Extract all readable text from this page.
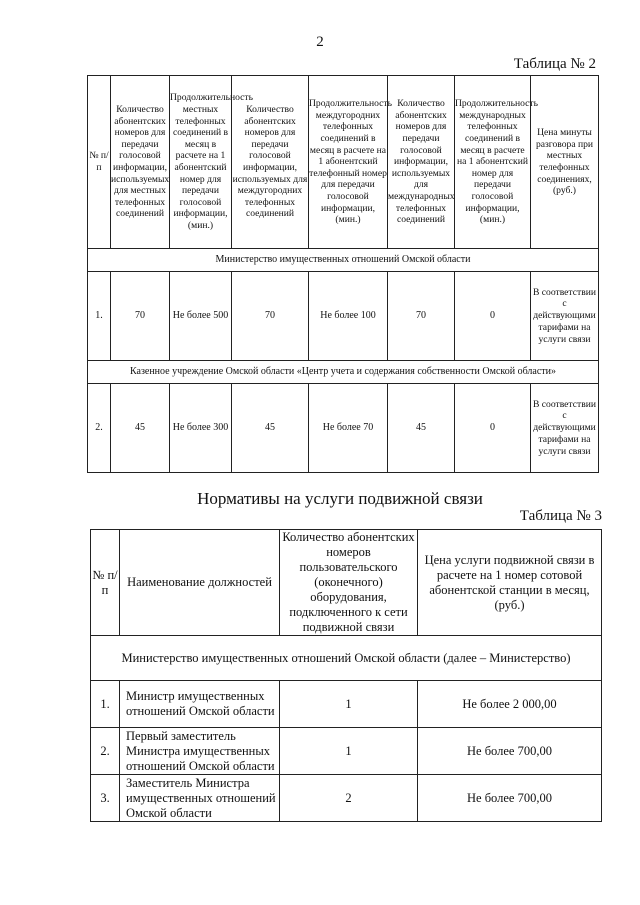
2
Таблица № 2
№ п/п	Количество абонентских номеров для передачи голосовой информации, используемых для местных телефонных соединений	Продолжительность местных телефонных соединений в месяц в расчете на 1 абонентский номер для передачи голосовой информации, (мин.)	Количество абонентских номеров для передачи голосовой информации, используемых для междугородних телефонных соединений	Продолжительность междугородних телефонных соединений в месяц в расчете на 1 абонентский телефонный номер для передачи голосовой информации, (мин.)	Количество абонентских номеров для передачи голосовой информации, используемых для международных телефонных соединений	Продолжительность международных телефонных соединений в месяц в расчете на 1 абонентский номер для передачи голосовой информации, (мин.)	Цена минуты разговора при местных телефонных соединениях, (руб.)
Министерство имущественных отношений Омской области							
1.	70	Не более 500	70	Не более 100	70	0	В соответствии с действующими тарифами на услуги связи
Казенное учреждение Омской области «Центр учета и содержания собственности Омской области»							
2.	45	Не более 300	45	Не более 70	45	0	В соответствии с действующими тарифами на услуги связи
Нормативы на услуги подвижной связи
Таблица № 3
№ п/п	Наименование должностей	Количество абонентских номеров пользовательского (оконечного) оборудования, подключенного к сети подвижной связи	Цена услуги подвижной связи в расчете на 1 номер сотовой абонентской станции в месяц, (руб.)
Министерство имущественных отношений Омской области (далее – Министерство)			
1.	Министр имущественных отношений Омской области	1	Не более 2 000,00
2.	Первый заместитель Министра имущественных отношений Омской области	1	Не более 700,00
3.	Заместитель Министра имущественных отношений Омской области	2	Не более 700,00
